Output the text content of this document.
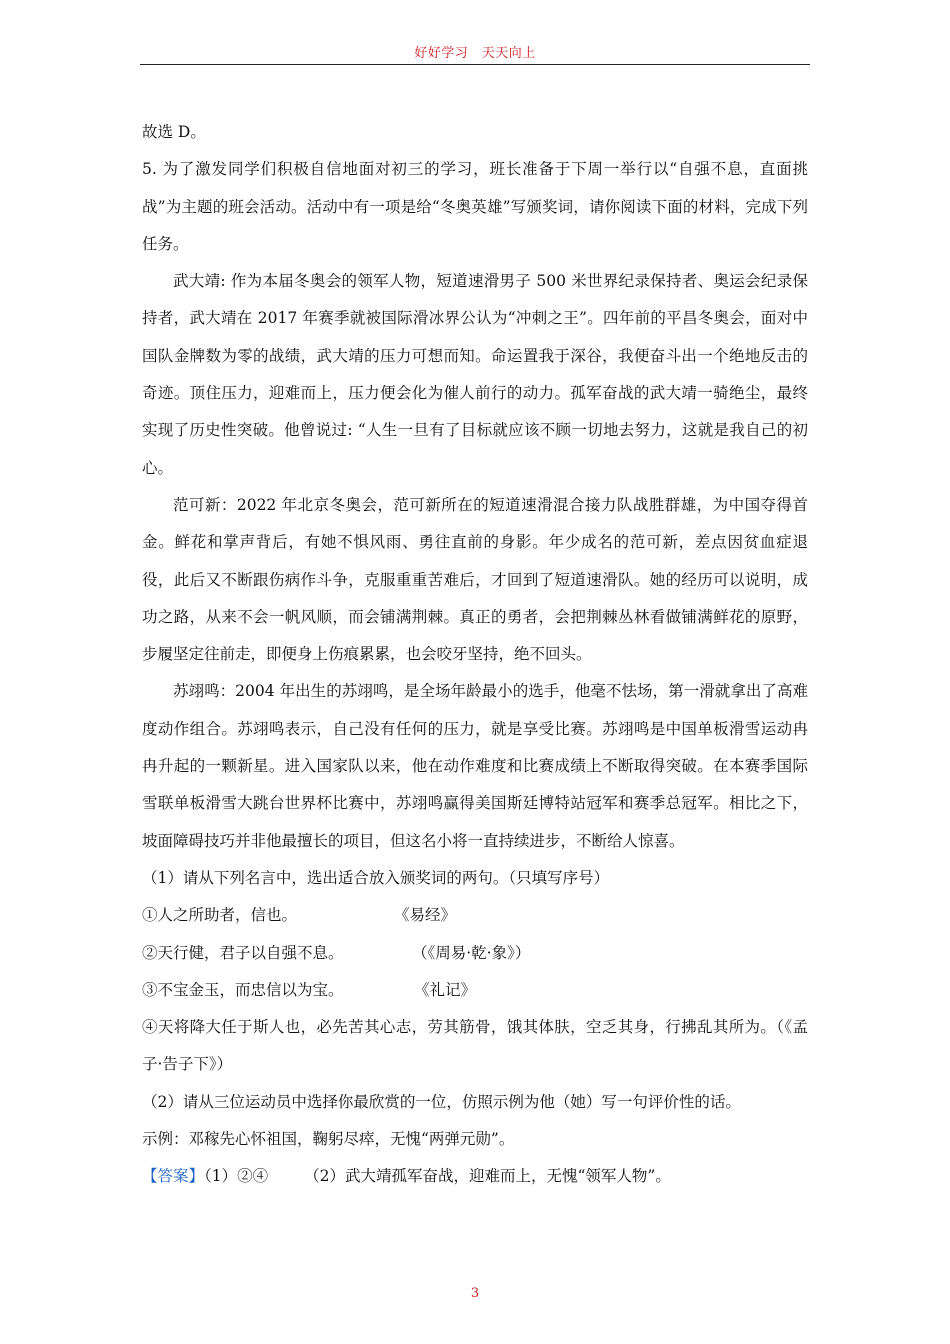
好好学习　天天向上

故选 D。

5. 为了激发同学们积极自信地面对初三的学习，班长准备于下周一举行以“自强不息，直面挑战”为主题的班会活动。活动中有一项是给“冬奥英雄”写颁奖词，请你阅读下面的材料，完成下列任务。

武大靖: 作为本届冬奥会的领军人物，短道速滑男子 500 米世界纪录保持者、奥运会纪录保持者，武大靖在 2017 年赛季就被国际滑冰界公认为“冲刺之王”。四年前的平昌冬奥会，面对中国队金牌数为零的战绩，武大靖的压力可想而知。命运置我于深谷，我便奋斗出一个绝地反击的奇迹。顶住压力，迎难而上，压力便会化为催人前行的动力。孤军奋战的武大靖一骑绝尘，最终实现了历史性突破。他曾说过: “人生一旦有了目标就应该不顾一切地去努力，这就是我自己的初心。

范可新：2022 年北京冬奥会，范可新所在的短道速滑混合接力队战胜群雄，为中国夺得首金。鲜花和掌声背后，有她不惧风雨、勇往直前的身影。年少成名的范可新，差点因贫血症退役，此后又不断跟伤病作斗争，克服重重苦难后，才回到了短道速滑队。她的经历可以说明，成功之路，从来不会一帆风顺，而会铺满荆棘。真正的勇者，会把荆棘丛林看做铺满鲜花的原野，步履坚定往前走，即便身上伤痕累累，也会咬牙坚持，绝不回头。

苏翊鸣：2004 年出生的苏翊鸣，是全场年龄最小的选手，他毫不怯场，第一滑就拿出了高难度动作组合。苏翊鸣表示，自己没有任何的压力，就是享受比赛。苏翊鸣是中国单板滑雪运动冉冉升起的一颗新星。进入国家队以来，他在动作难度和比赛成绩上不断取得突破。在本赛季国际雪联单板滑雪大跳台世界杯比赛中，苏翊鸣赢得美国斯廷博特站冠军和赛季总冠军。相比之下，坡面障碍技巧并非他最擅长的项目，但这名小将一直持续进步，不断给人惊喜。

（1）请从下列名言中，选出适合放入颁奖词的两句。（只填写序号）

①人之所助者，信也。	《易经》
②天行健，君子以自强不息。	（《周易·乾·象》）
③不宝金玉，而忠信以为宝。	《礼记》

④天将降大任于斯人也，必先苦其心志，劳其筋骨，饿其体肤，空乏其身，行拂乱其所为。（《孟子·告子下》）

（2）请从三位运动员中选择你最欣赏的一位，仿照示例为他（她）写一句评价性的话。

示例：邓稼先心怀祖国，鞠躬尽瘁，无愧“两弹元勋”。

【答案】（1）②④ （2）武大靖孤军奋战，迎难而上，无愧“领军人物”。

3
